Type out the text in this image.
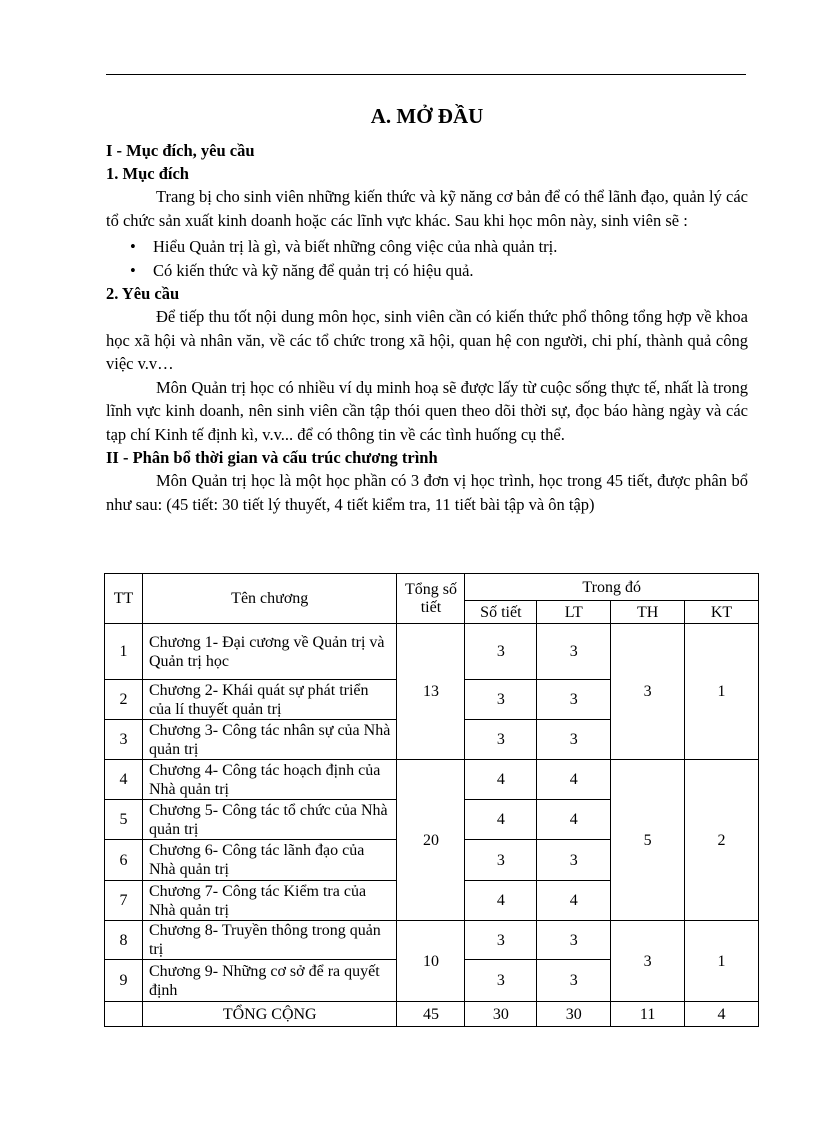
A. MỞ ĐẦU

I - Mục đích, yêu cầu

1. Mục đích

Trang bị cho sinh viên những kiến thức và kỹ năng cơ bản để có thể lãnh đạo, quản lý các tổ chức sản xuất kinh doanh hoặc các lĩnh vực khác. Sau khi học môn này, sinh viên sẽ :

• Hiểu Quản trị là gì, và biết những công việc của nhà quản trị.
• Có kiến thức và kỹ năng để quản trị có hiệu quả.

2. Yêu cầu

Để tiếp thu tốt nội dung môn học, sinh viên cần có kiến thức phổ thông tổng hợp về khoa học xã hội và nhân văn, về các tổ chức trong xã hội, quan hệ con người, chi phí, thành quả công việc v.v…

Môn Quản trị học có nhiều ví dụ minh hoạ sẽ được lấy từ cuộc sống thực tế, nhất là trong lĩnh vực kinh doanh, nên sinh viên cần tập thói quen theo dõi thời sự, đọc báo hàng ngày và các tạp chí Kinh tế định kì, v.v... để có thông tin về các tình huống cụ thể.

II - Phân bổ thời gian và cấu trúc chương trình

Môn Quản trị học là một học phần có 3 đơn vị học trình, học trong 45 tiết, được phân bổ như sau: (45 tiết: 30 tiết lý thuyết, 4 tiết kiểm tra, 11 tiết bài tập và ôn tập)

TT	Tên chương	Tổng số tiết	Trong đó			
			Số tiết	LT	TH	KT
1	Chương 1- Đại cương về Quản trị và Quản trị học	13	3	3	3	1
2	Chương 2- Khái quát sự phát triển của lí thuyết quản trị		3	3		
3	Chương 3- Công tác nhân sự của Nhà quản trị		3	3		
4	Chương 4- Công tác hoạch định của Nhà quản trị	20	4	4	5	2
5	Chương 5- Công tác tổ chức của Nhà quản trị		4	4		
6	Chương 6- Công tác lãnh đạo của Nhà quản trị		3	3		
7	Chương 7- Công tác Kiểm tra của Nhà quản trị		4	4		
8	Chương 8- Truyền thông trong quản trị	10	3	3	3	1
9	Chương 9- Những cơ sở để ra quyết định		3	3		
	TỔNG CỘNG	45	30	30	11	4
